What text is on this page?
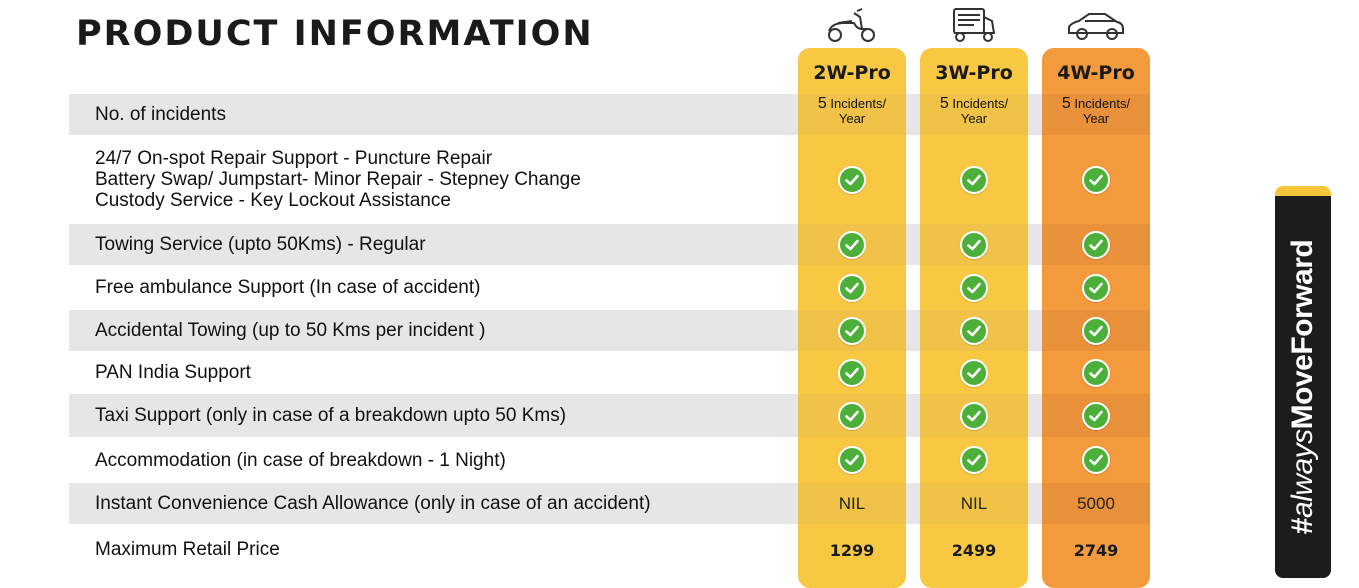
PRODUCT INFORMATION
No. of incidents
24/7 On-spot Repair Support - Puncture Repair
Battery Swap/ Jumpstart- Minor Repair - Stepney Change
Custody Service - Key Lockout Assistance
Towing Service (upto 50Kms) - Regular
Free ambulance Support (In case of accident)
Accidental Towing (up to 50 Kms per incident )
PAN India Support
Taxi Support (only in case of a breakdown upto 50 Kms)
Accommodation (in case of breakdown - 1 Night)
Instant Convenience Cash Allowance (only in case of an accident)
Maximum Retail Price
2W-Pro
5 Incidents/
Year
NIL
1299
3W-Pro
5 Incidents/
Year
NIL
2499
4W-Pro
5 Incidents/
Year
5000
2749
#alwaysMoveForward
